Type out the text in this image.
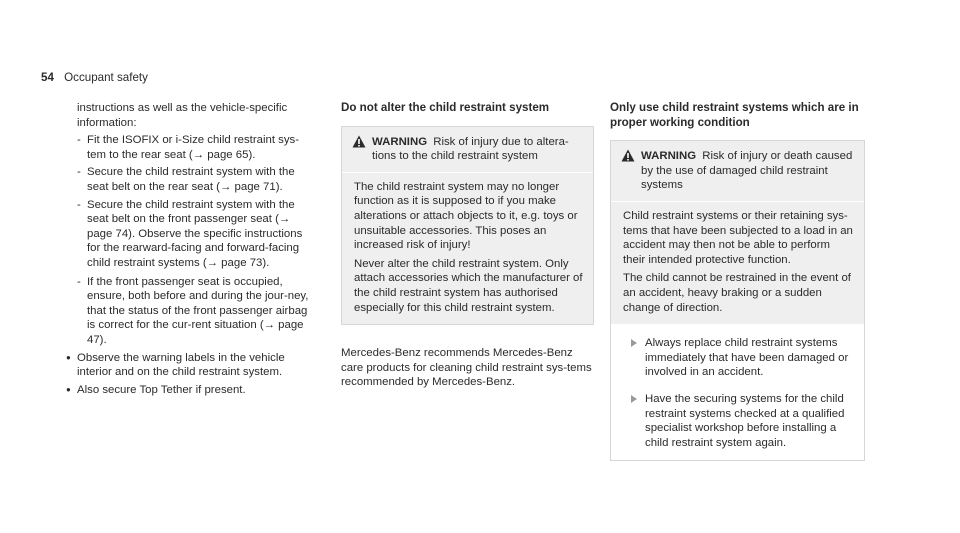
54 Occupant safety

instructions as well as the vehicle-specific information:

- Fit the ISOFIX or i-Size child restraint sys-tem to the rear seat (→ page 65).
- Secure the child restraint system with the seat belt on the rear seat (→ page 71).
- Secure the child restraint system with the seat belt on the front passenger seat (→ page 74). Observe the specific instructions for the rearward-facing and forward-facing child restraint systems (→ page 73).
- If the front passenger seat is occupied, ensure, both before and during the jour-ney, that the status of the front passenger airbag is correct for the cur-rent situation (→ page 47).
● Observe the warning labels in the vehicle interior and on the child restraint system.
● Also secure Top Tether if present.
Do not alter the child restraint system
WARNING Risk of injury due to altera-tions to the child restraint system

The child restraint system may no longer function as it is supposed to if you make alterations or attach objects to it, e.g. toys or unsuitable accessories. This poses an increased risk of injury!

Never alter the child restraint system. Only attach accessories which the manufacturer of the child restraint system has authorised especially for this child restraint system.

Mercedes-Benz recommends Mercedes-Benz care products for cleaning child restraint sys-tems recommended by Mercedes-Benz.

Only use child restraint systems which are in proper working condition
WARNING Risk of injury or death caused by the use of damaged child restraint systems

Child restraint systems or their retaining sys-tems that have been subjected to a load in an accident may then not be able to perform their intended protective function.

The child cannot be restrained in the event of an accident, heavy braking or a sudden change of direction.

Always replace child restraint systems immediately that have been damaged or involved in an accident.
Have the securing systems for the child restraint systems checked at a qualified specialist workshop before installing a child restraint system again.
